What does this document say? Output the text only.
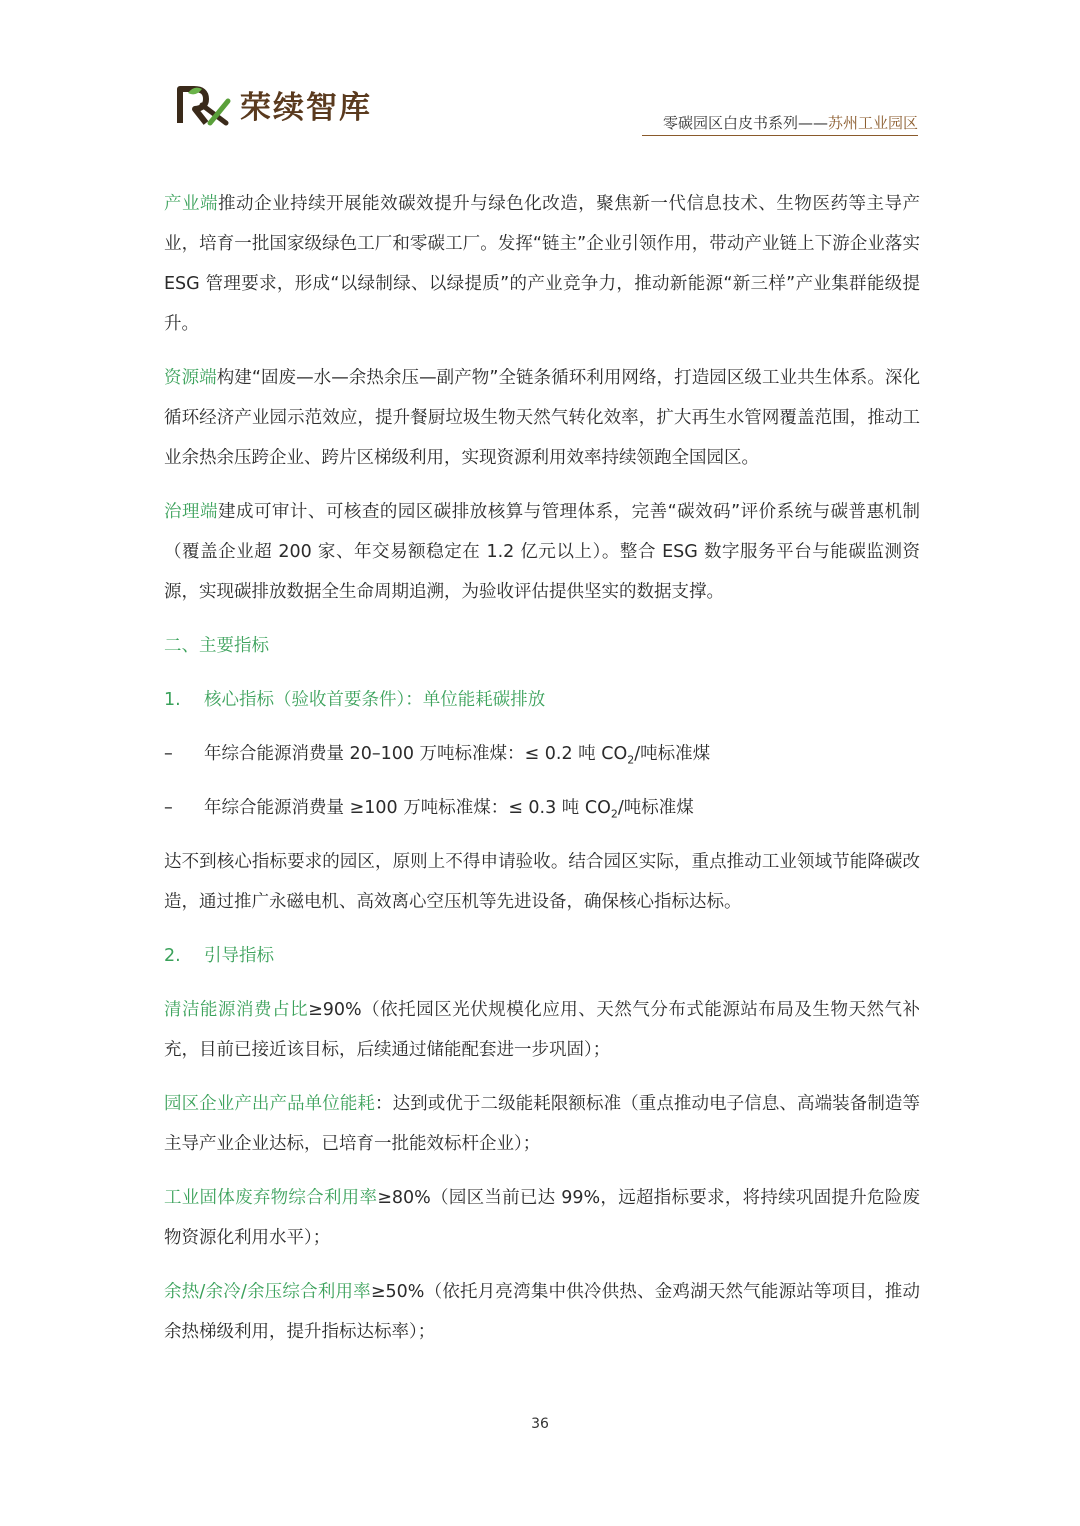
荣续智库	零碳园区白皮书系列——苏州工业园区

产业端推动企业持续开展能效碳效提升与绿色化改造，聚焦新一代信息技术、生物医药等主导产业，培育一批国家级绿色工厂和零碳工厂。发挥“链主”企业引领作用，带动产业链上下游企业落实 ESG 管理要求，形成“以绿制绿、以绿提质”的产业竞争力，推动新能源“新三样”产业集群能级提升。

资源端构建“固废—水—余热余压—副产物”全链条循环利用网络，打造园区级工业共生体系。深化循环经济产业园示范效应，提升餐厨垃圾生物天然气转化效率，扩大再生水管网覆盖范围，推动工业余热余压跨企业、跨片区梯级利用，实现资源利用效率持续领跑全国园区。

治理端建成可审计、可核查的园区碳排放核算与管理体系，完善“碳效码”评价系统与碳普惠机制（覆盖企业超 200 家、年交易额稳定在 1.2 亿元以上）。整合 ESG 数字服务平台与能碳监测资源，实现碳排放数据全生命周期追溯，为验收评估提供坚实的数据支撑。

二、主要指标
1.	核心指标（验收首要条件）：单位能耗碳排放
–	年综合能源消费量 20–100 万吨标准煤：≤ 0.2 吨 $CO_2/$吨标准煤
–	年综合能源消费量 ≥100 万吨标准煤：≤ 0.3 吨 $CO_2/$吨标准煤

达不到核心指标要求的园区，原则上不得申请验收。结合园区实际，重点推动工业领域节能降碳改造，通过推广永磁电机、高效离心空压机等先进设备，确保核心指标达标。

2.	引导指标

清洁能源消费占比≥90%（依托园区光伏规模化应用、天然气分布式能源站布局及生物天然气补充，目前已接近该目标，后续通过储能配套进一步巩固）；

园区企业产出产品单位能耗：达到或优于二级能耗限额标准（重点推动电子信息、高端装备制造等主导产业企业达标，已培育一批能效标杆企业）；

工业固体废弃物综合利用率≥80%（园区当前已达 99%，远超指标要求，将持续巩固提升危险废物资源化利用水平）；

余热/余冷/余压综合利用率≥50%（依托月亮湾集中供冷供热、金鸡湖天然气能源站等项目，推动余热梯级利用，提升指标达标率）；

36
